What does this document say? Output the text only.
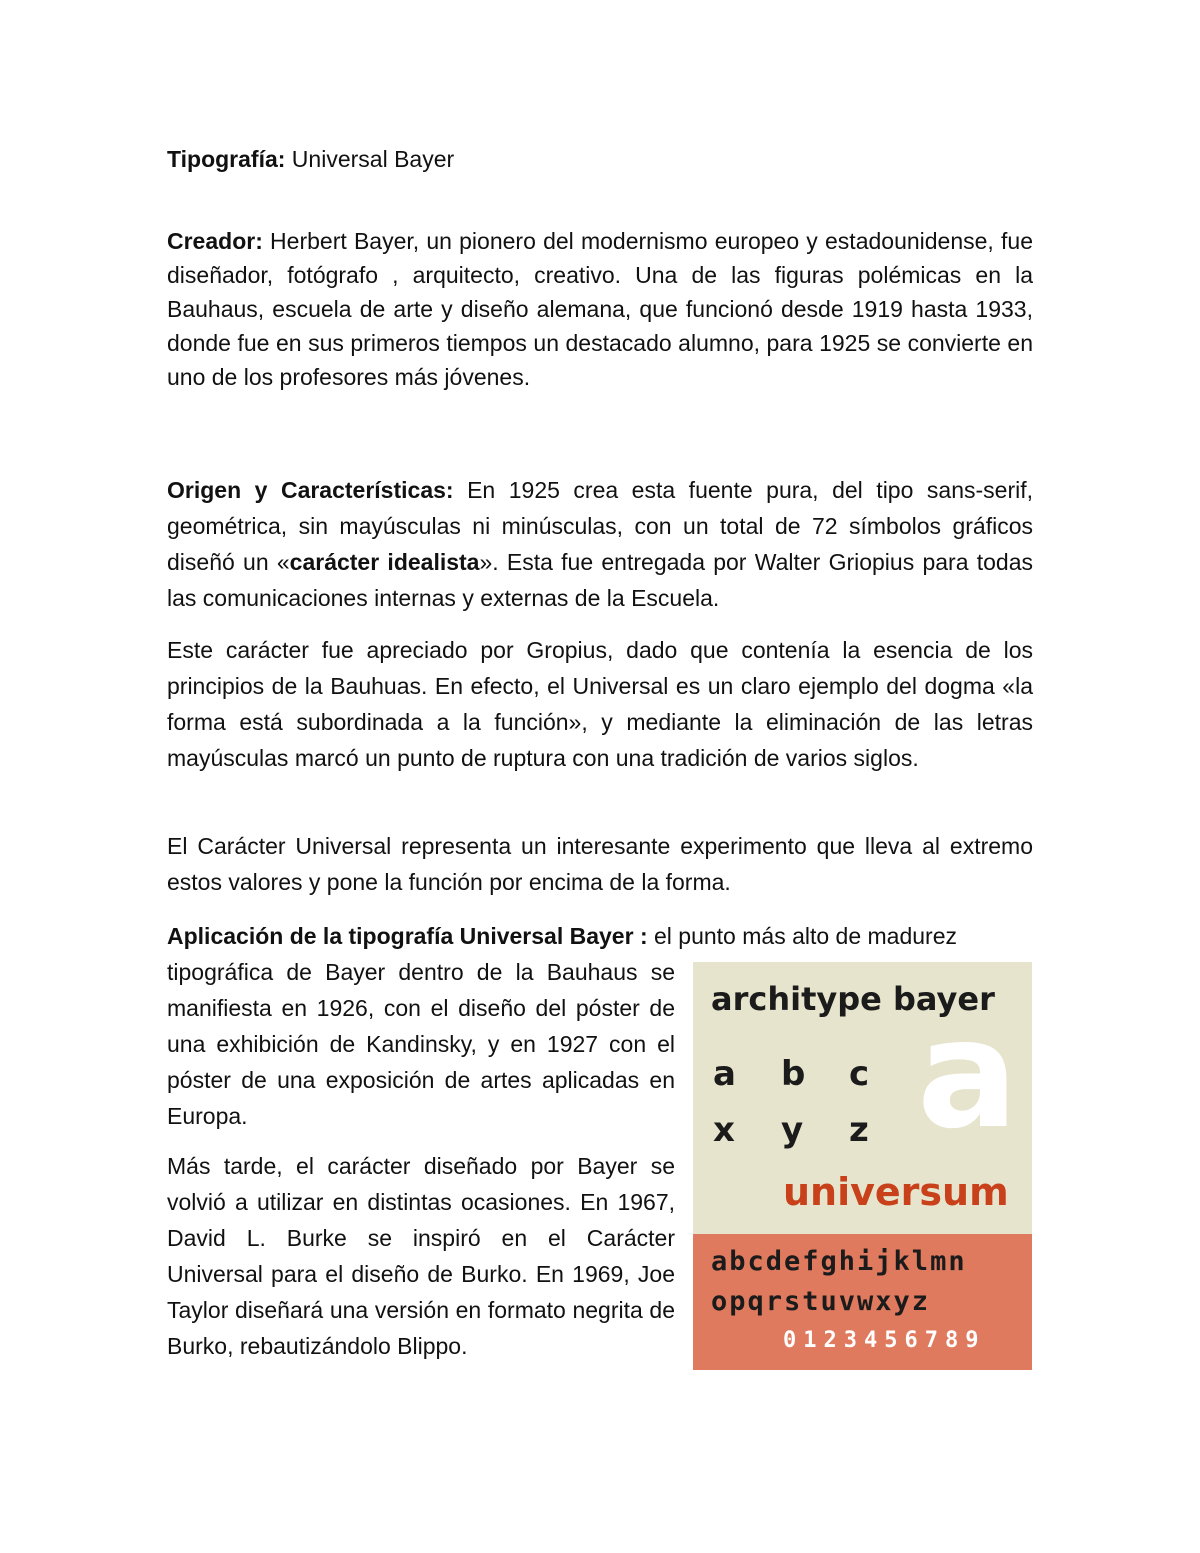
Tipografía: Universal Bayer

Creador: Herbert Bayer, un pionero del modernismo europeo y estadounidense, fue diseñador, fotógrafo , arquitecto, creativo. Una de las figuras polémicas en la Bauhaus, escuela de arte y diseño alemana, que funcionó desde 1919 hasta 1933, donde fue en sus primeros tiempos un destacado alumno, para 1925 se convierte en uno de los profesores más jóvenes.

Origen y Características: En 1925 crea esta fuente pura, del tipo sans-serif, geométrica, sin mayúsculas ni minúsculas, con un total de 72 símbolos gráficos diseñó un «carácter idealista». Esta fue entregada por Walter Griopius para todas las comunicaciones internas y externas de la Escuela.

Este carácter fue apreciado por Gropius, dado que contenía la esencia de los principios de la Bauhuas. En efecto, el Universal es un claro ejemplo del dogma «la forma está subordinada a la función», y mediante la eliminación de las letras mayúsculas marcó un punto de ruptura con una tradición de varios siglos.

El Carácter Universal representa un interesante experimento que lleva al extremo estos valores y pone la función por encima de la forma.

Aplicación de la tipografía Universal Bayer : el punto más alto de madurez

tipográfica de Bayer dentro de la Bauhaus se manifiesta en 1926, con el diseño del póster de una exhibición de Kandinsky, y en 1927 con el póster de una exposición de artes aplicadas en Europa.

Más tarde, el carácter diseñado por Bayer se volvió a utilizar en distintas ocasiones. En 1967, David L. Burke se inspiró en el Carácter Universal para el diseño de Burko. En 1969, Joe Taylor diseñará una versión en formato negrita de Burko, rebautizándolo Blippo.

a
architype bayer
a b c
x y z
universum
abcdefghijklmn
opqrstuvwxyz
0123456789
